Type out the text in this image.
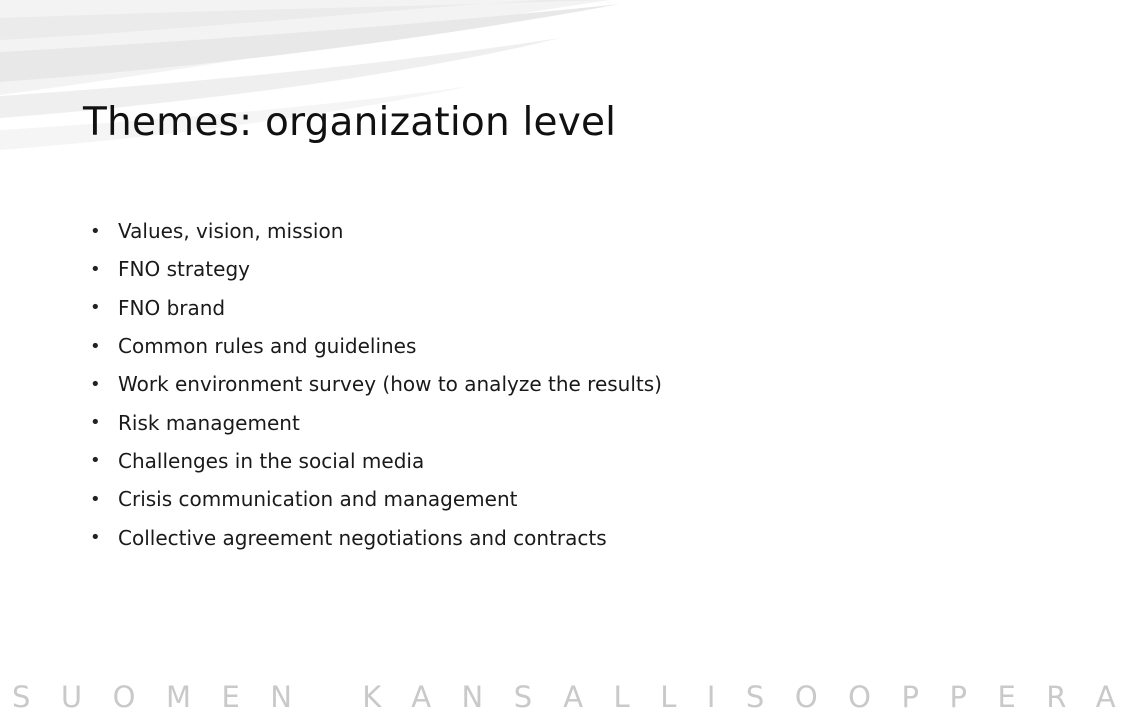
Themes: organization level
• Values, vision, mission
• FNO strategy
• FNO brand
• Common rules and guidelines
• Work environment survey (how to analyze the results)
• Risk management
• Challenges in the social media
• Crisis communication and management
• Collective agreement negotiations and contracts
SUOMEN KANSALLISOOPPERA
